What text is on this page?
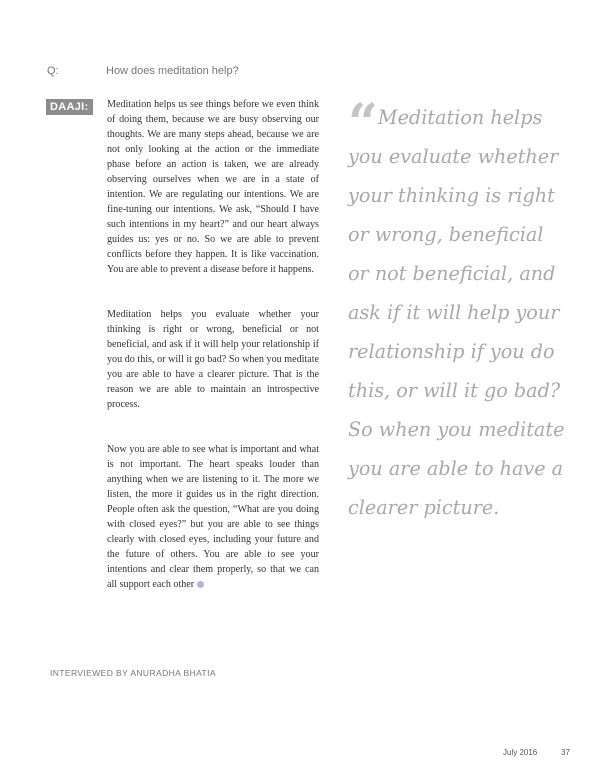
Q:	How does meditation help?
DAAJI:	Meditation helps us see things before we even think of doing them, because we are busy observing our thoughts. We are many steps ahead, because we are not only looking at the action or the immediate phase before an action is taken, we are already observing ourselves when we are in a state of intention. We are regulating our intentions. We are fine-tuning our intentions. We ask, “Should I have such intentions in my heart?” and our heart always guides us: yes or no. So we are able to prevent conflicts before they happen. It is like vaccination. You are able to prevent a disease before it happens.

Meditation helps you evaluate whether your thinking is right or wrong, beneficial or not beneficial, and ask if it will help your relationship if you do this, or will it go bad? So when you meditate you are able to have a clearer picture. That is the reason we are able to maintain an introspective process.

Now you are able to see what is important and what is not important. The heart speaks louder than anything when we are listening to it. The more we listen, the more it guides us in the right direction. People often ask the question, “What are you doing with closed eyes?” but you are able to see things clearly with closed eyes, including your future and the future of others. You are able to see your intentions and clear them properly, so that we can all support each other

“ Meditation helps you evaluate whether your thinking is right or wrong, beneficial or not beneficial, and ask if it will help your relationship if you do this, or will it go bad? So when you meditate you are able to have a clearer picture.
INTERVIEWED BY ANURADHA BHATIA
July 2016	37
